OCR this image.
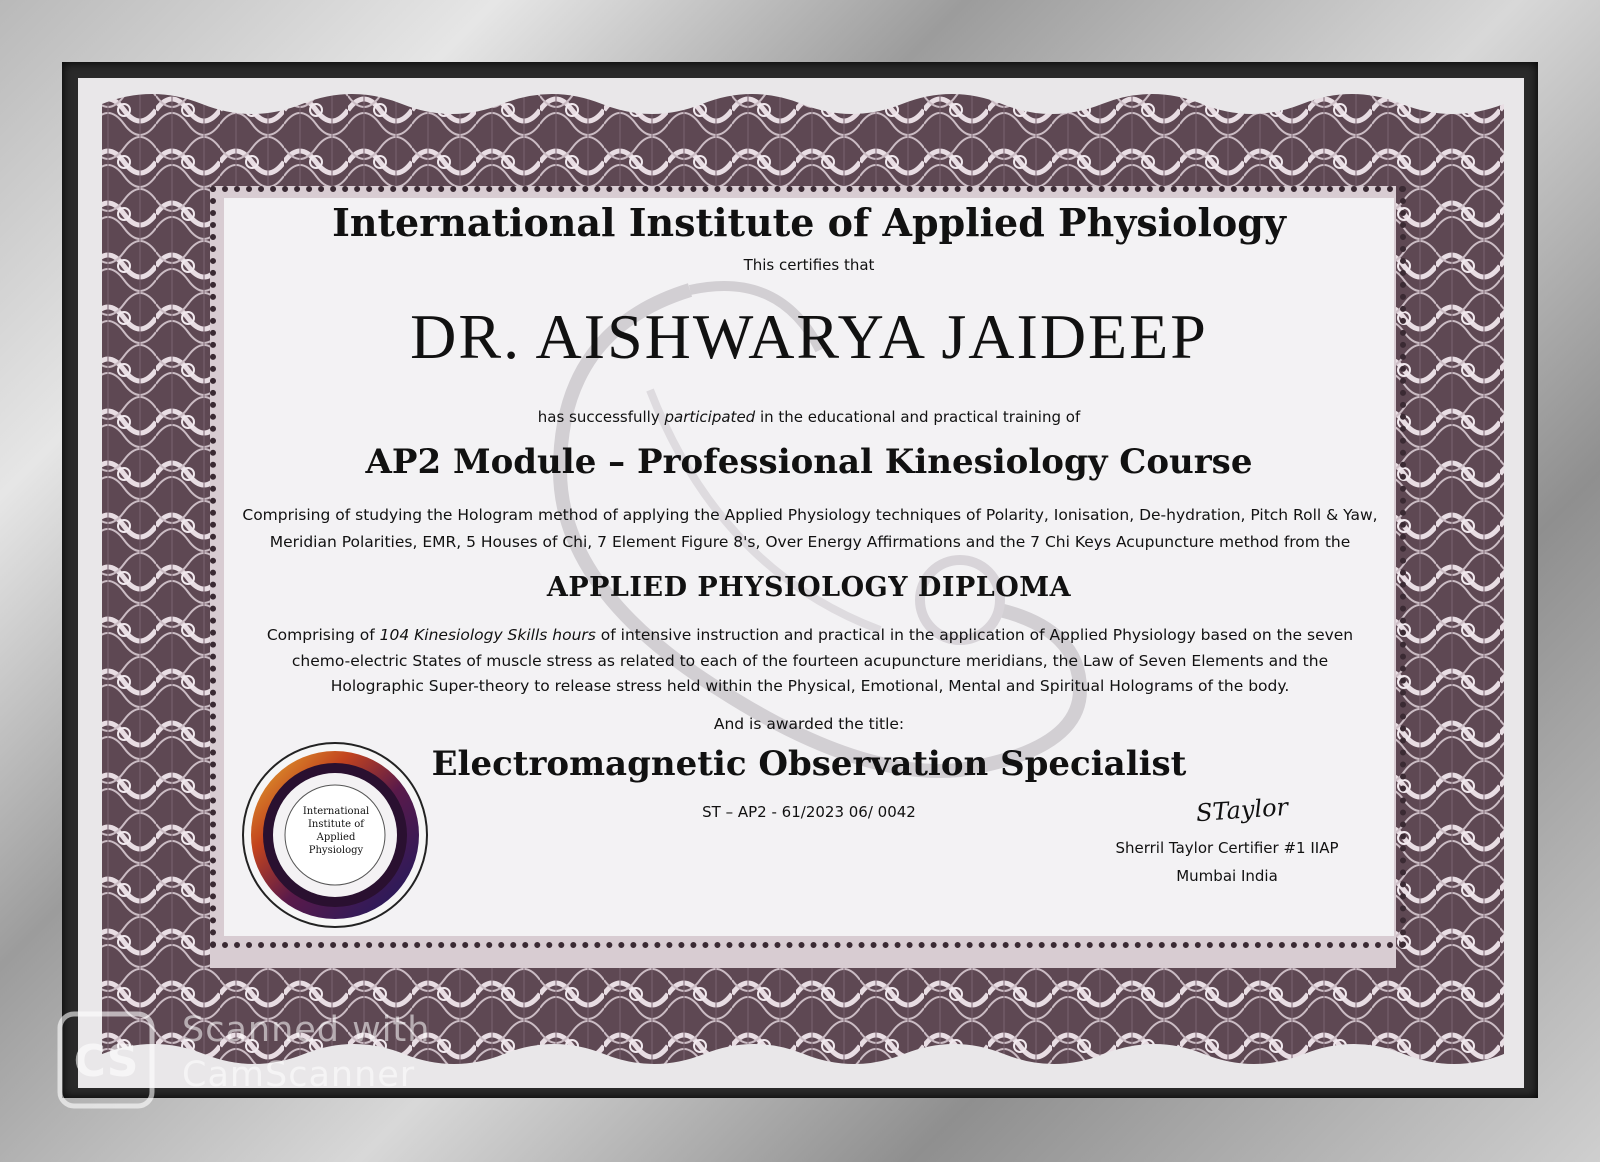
International Institute of Applied Physiology
This certifies that
DR. AISHWARYA JAIDEEP
has successfully participated in the educational and practical training of
AP2 Module – Professional Kinesiology Course
Comprising of studying the Hologram method of applying the Applied Physiology techniques of Polarity, Ionisation, De-hydration, Pitch Roll & Yaw,
Meridian Polarities, EMR, 5 Houses of Chi, 7 Element Figure 8's, Over Energy Affirmations and the 7 Chi Keys Acupuncture method from the
APPLIED PHYSIOLOGY DIPLOMA
Comprising of 104 Kinesiology Skills hours of intensive instruction and practical in the application of Applied Physiology based on the seven
chemo-electric States of muscle stress as related to each of the fourteen acupuncture meridians, the Law of Seven Elements and the
Holographic Super-theory to release stress held within the Physical, Emotional, Mental and Spiritual Holograms of the body.
And is awarded the title:
Electromagnetic Observation Specialist
ST – AP2 - 61/2023 06/ 0042
International
Institute of
Applied
Physiology
STaylor
Sherril Taylor Certifier #1 IIAP
Mumbai India
CS
Scanned with
CamScanner
